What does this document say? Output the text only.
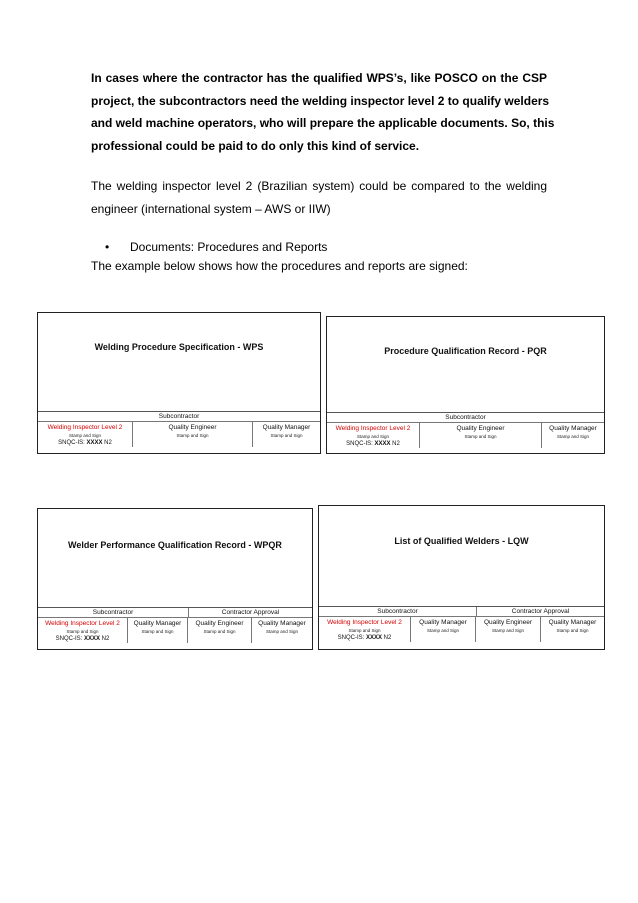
In cases where the contractor has the qualified WPS’s, like POSCO on the CSP
project, the subcontractors need the welding inspector level 2 to qualify welders
and weld machine operators, who will prepare the applicable documents. So, this
professional could be paid to do only this kind of service.
The welding inspector level 2 (Brazilian system) could be compared to the welding
engineer (international system – AWS or IIW)
• Documents: Procedures and Reports
The example below shows how the procedures and reports are signed:
Welding Procedure Specification - WPS
Subcontractor
Welding Inspector Level 2
Stamp and Sign
SNQC-IS: XXXX N2
Quality Engineer
Stamp and Sign
Quality Manager
Stamp and Sign
Procedure Qualification Record - PQR
Subcontractor
Welding Inspector Level 2
Stamp and Sign
SNQC-IS: XXXX N2
Quality Engineer
Stamp and Sign
Quality Manager
Stamp and Sign
Welder Performance Qualification Record - WPQR
Subcontractor	Contractor Approval
Welding Inspector Level 2
Stamp and Sign
SNQC-IS: XXXX N2
Quality Manager
Stamp and Sign
Quality Engineer
Stamp and Sign
Quality Manager
Stamp and Sign
List of Qualified Welders - LQW
Subcontractor	Contractor Approval
Welding Inspector Level 2
Stamp and Sign
SNQC-IS: XXXX N2
Quality Manager
Stamp and Sign
Quality Engineer
Stamp and Sign
Quality Manager
Stamp and Sign
